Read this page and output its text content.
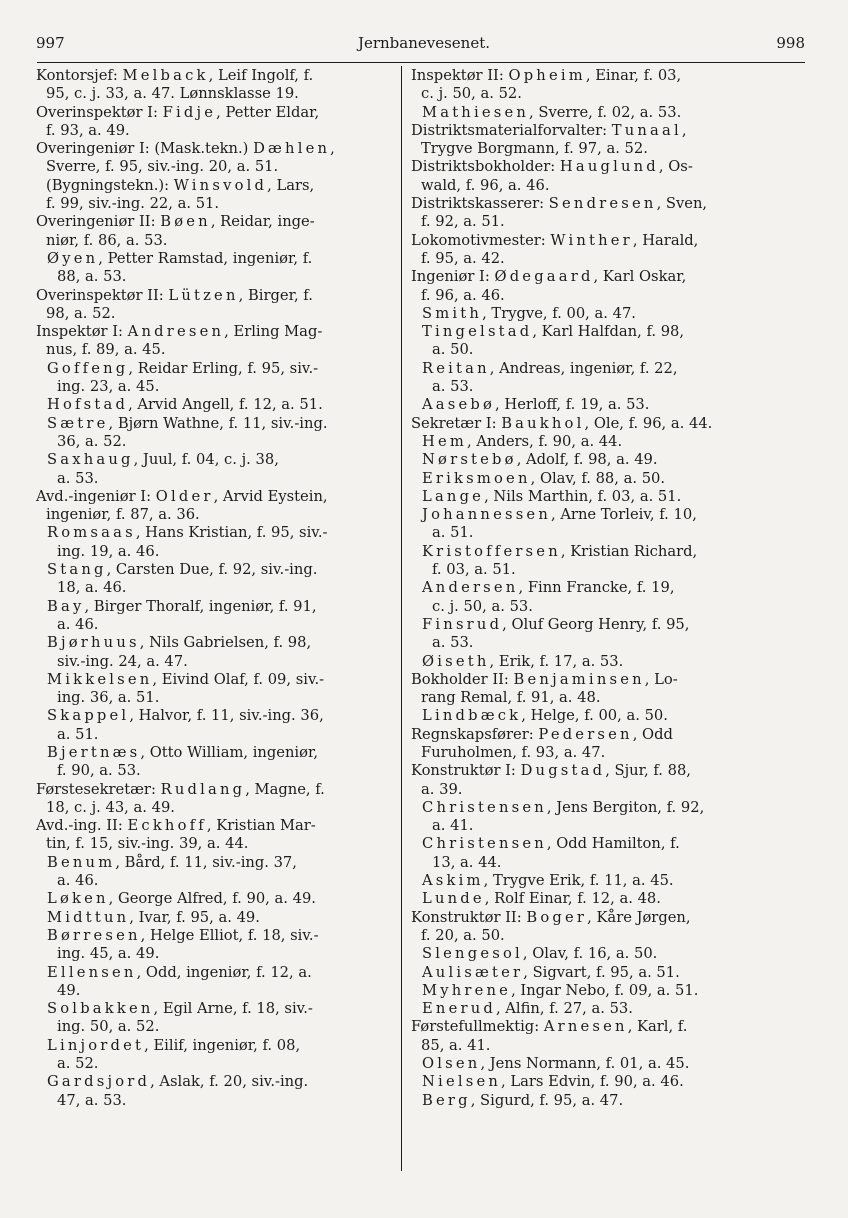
997	Jernbanevesenet.	998
Kontorsjef: Melback, Leif Ingolf, f.
95, c. j. 33, a. 47. Lønnsklasse 19.
Overinspektør I: Fidje, Petter Eldar,
f. 93, a. 49.
Overingeniør I: (Mask.tekn.) Dæhlen,
Sverre, f. 95, siv.-ing. 20, a. 51.
(Bygningstekn.): Winsvold, Lars,
f. 99, siv.-ing. 22, a. 51.
Overingeniør II: Bøen, Reidar, inge-
niør, f. 86, a. 53.
Øyen, Petter Ramstad, ingeniør, f.
88, a. 53.
Overinspektør II: Lützen, Birger, f.
98, a. 52.
Inspektør I: Andresen, Erling Mag-
nus, f. 89, a. 45.
Goffeng, Reidar Erling, f. 95, siv.-
ing. 23, a. 45.
Hofstad, Arvid Angell, f. 12, a. 51.
Sætre, Bjørn Wathne, f. 11, siv.-ing.
36, a. 52.
Saxhaug, Juul, f. 04, c. j. 38,
a. 53.
Avd.-ingeniør I: Older, Arvid Eystein,
ingeniør, f. 87, a. 36.
Romsaas, Hans Kristian, f. 95, siv.-
ing. 19, a. 46.
Stang, Carsten Due, f. 92, siv.-ing.
18, a. 46.
Bay, Birger Thoralf, ingeniør, f. 91,
a. 46.
Bjørhuus, Nils Gabrielsen, f. 98,
siv.-ing. 24, a. 47.
Mikkelsen, Eivind Olaf, f. 09, siv.-
ing. 36, a. 51.
Skappel, Halvor, f. 11, siv.-ing. 36,
a. 51.
Bjertnæs, Otto William, ingeniør,
f. 90, a. 53.
Førstesekretær: Rudlang, Magne, f.
18, c. j. 43, a. 49.
Avd.-ing. II: Eckhoff, Kristian Mar-
tin, f. 15, siv.-ing. 39, a. 44.
Benum, Bård, f. 11, siv.-ing. 37,
a. 46.
Løken, George Alfred, f. 90, a. 49.
Midttun, Ivar, f. 95, a. 49.
Børresen, Helge Elliot, f. 18, siv.-
ing. 45, a. 49.
Ellensen, Odd, ingeniør, f. 12, a.
49.
Solbakken, Egil Arne, f. 18, siv.-
ing. 50, a. 52.
Linjordet, Eilif, ingeniør, f. 08,
a. 52.
Gardsjord, Aslak, f. 20, siv.-ing.
47, a. 53.
Inspektør II: Opheim, Einar, f. 03,
c. j. 50, a. 52.
Mathiesen, Sverre, f. 02, a. 53.
Distriktsmaterialforvalter: Tunaal,
Trygve Borgmann, f. 97, a. 52.
Distriktsbokholder: Hauglund, Os-
wald, f. 96, a. 46.
Distriktskasserer: Sendresen, Sven,
f. 92, a. 51.
Lokomotivmester: Winther, Harald,
f. 95, a. 42.
Ingeniør I: Ødegaard, Karl Oskar,
f. 96, a. 46.
Smith, Trygve, f. 00, a. 47.
Tingelstad, Karl Halfdan, f. 98,
a. 50.
Reitan, Andreas, ingeniør, f. 22,
a. 53.
Aasebø, Herloff, f. 19, a. 53.
Sekretær I: Baukhol, Ole, f. 96, a. 44.
Hem, Anders, f. 90, a. 44.
Nørstebø, Adolf, f. 98, a. 49.
Eriksmoen, Olav, f. 88, a. 50.
Lange, Nils Marthin, f. 03, a. 51.
Johannessen, Arne Torleiv, f. 10,
a. 51.
Kristoffersen, Kristian Richard,
f. 03, a. 51.
Andersen, Finn Francke, f. 19,
c. j. 50, a. 53.
Finsrud, Oluf Georg Henry, f. 95,
a. 53.
Øiseth, Erik, f. 17, a. 53.
Bokholder II: Benjaminsen, Lo-
rang Remal, f. 91, a. 48.
Lindbæck, Helge, f. 00, a. 50.
Regnskapsfører: Pedersen, Odd
Furuholmen, f. 93, a. 47.
Konstruktør I: Dugstad, Sjur, f. 88,
a. 39.
Christensen, Jens Bergiton, f. 92,
a. 41.
Christensen, Odd Hamilton, f.
13, a. 44.
Askim, Trygve Erik, f. 11, a. 45.
Lunde, Rolf Einar, f. 12, a. 48.
Konstruktør II: Boger, Kåre Jørgen,
f. 20, a. 50.
Slengesol, Olav, f. 16, a. 50.
Aulisæter, Sigvart, f. 95, a. 51.
Myhrene, Ingar Nebo, f. 09, a. 51.
Enerud, Alfin, f. 27, a. 53.
Førstefullmektig: Arnesen, Karl, f.
85, a. 41.
Olsen, Jens Normann, f. 01, a. 45.
Nielsen, Lars Edvin, f. 90, a. 46.
Berg, Sigurd, f. 95, a. 47.
